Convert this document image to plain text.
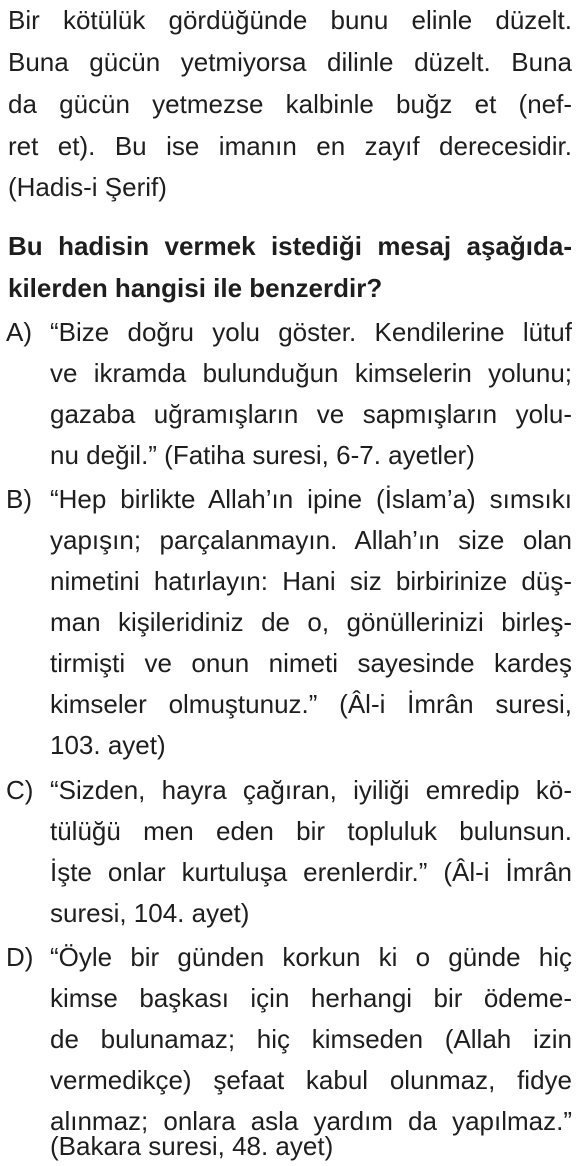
Bir kötülük gördüğünde bunu elinle düzelt.
Buna gücün yetmiyorsa dilinle düzelt. Buna
da gücün yetmezse kalbinle buğz et (nef-
ret et). Bu ise imanın en zayıf derecesidir.
(Hadis-i Şerif)
Bu hadisin vermek istediği mesaj aşağıda-
kilerden hangisi ile benzerdir?
A) “Bize doğru yolu göster. Kendilerine lütuf
ve ikramda bulunduğun kimselerin yolunu;
gazaba uğramışların ve sapmışların yolu-
nu değil.” (Fatiha suresi, 6-7. ayetler)
B) “Hep birlikte Allah’ın ipine (İslam’a) sımsıkı
yapışın; parçalanmayın. Allah’ın size olan
nimetini hatırlayın: Hani siz birbirinize düş-
man kişileridiniz de o, gönüllerinizi birleş-
tirmişti ve onun nimeti sayesinde kardeş
kimseler olmuştunuz.” (Âl-i İmrân suresi,
103. ayet)
C) “Sizden, hayra çağıran, iyiliği emredip kö-
tülüğü men eden bir topluluk bulunsun.
İşte onlar kurtuluşa erenlerdir.” (Âl-i İmrân
suresi, 104. ayet)
D) “Öyle bir günden korkun ki o günde hiç
kimse başkası için herhangi bir ödeme-
de bulunamaz; hiç kimseden (Allah izin
vermedikçe) şefaat kabul olunmaz, fidye
alınmaz; onlara asla yardım da yapılmaz.”
(Bakara suresi, 48. ayet)
